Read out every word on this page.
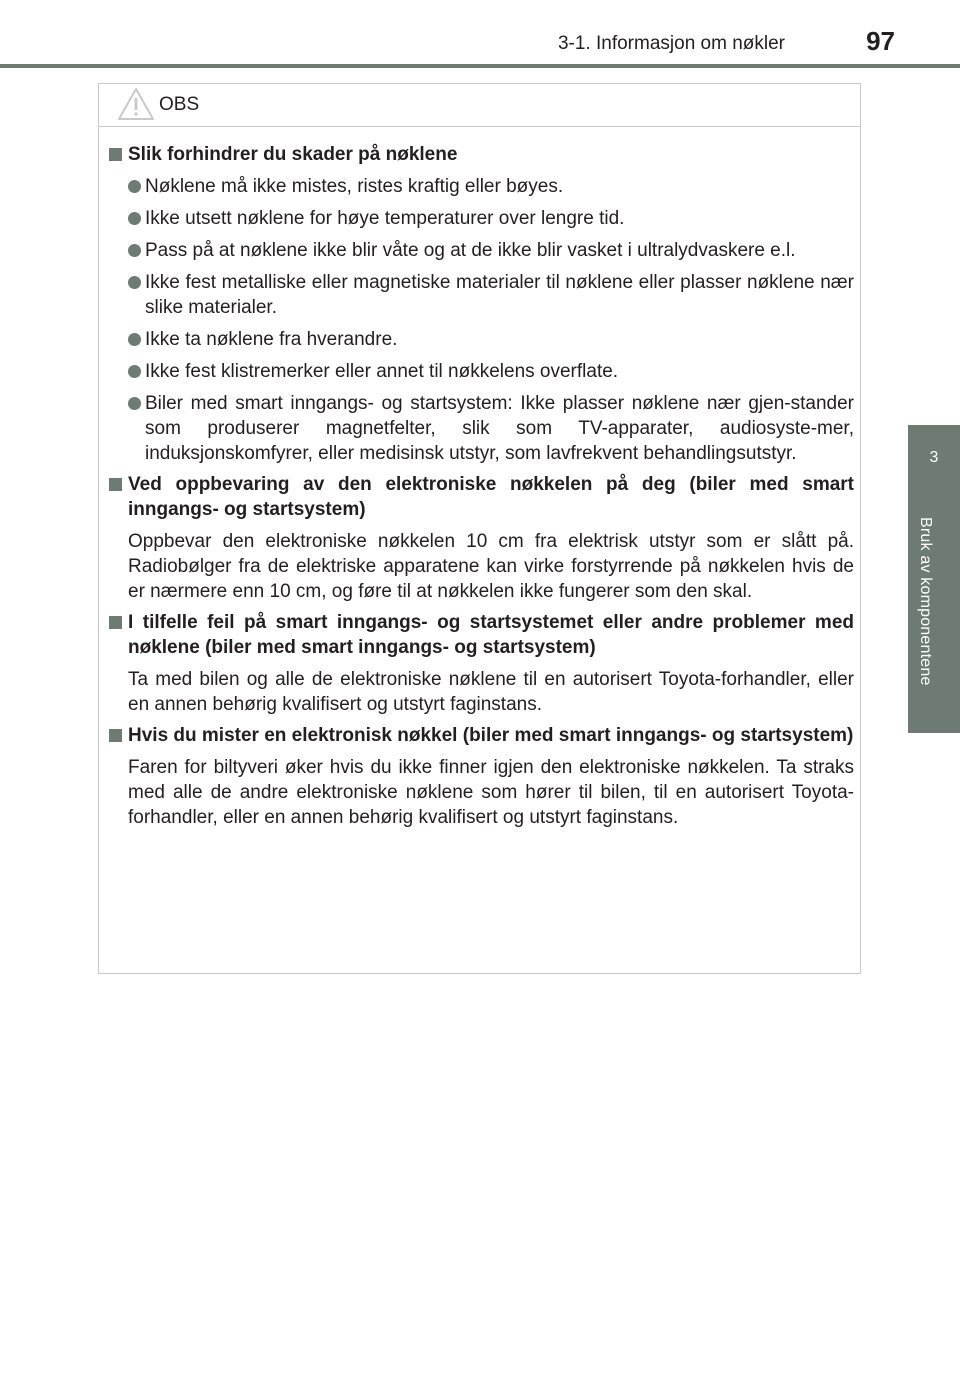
3-1. Informasjon om nøkler	97
3
Bruk av komponentene
OBS
Slik forhindrer du skader på nøklene
Nøklene må ikke mistes, ristes kraftig eller bøyes.
Ikke utsett nøklene for høye temperaturer over lengre tid.
Pass på at nøklene ikke blir våte og at de ikke blir vasket i ultralydvaskere e.l.
Ikke fest metalliske eller magnetiske materialer til nøklene eller plasser nøklene nær slike materialer.
Ikke ta nøklene fra hverandre.
Ikke fest klistremerker eller annet til nøkkelens overflate.
Biler med smart inngangs- og startsystem: Ikke plasser nøklene nær gjen-stander som produserer magnetfelter, slik som TV-apparater, audiosyste-mer, induksjonskomfyrer, eller medisinsk utstyr, som lavfrekvent behandlingsutstyr.
Ved oppbevaring av den elektroniske nøkkelen på deg (biler med smart inngangs- og startsystem)
Oppbevar den elektroniske nøkkelen 10 cm fra elektrisk utstyr som er slått på. Radiobølger fra de elektriske apparatene kan virke forstyrrende på nøkkelen hvis de er nærmere enn 10 cm, og føre til at nøkkelen ikke fungerer som den skal.
I tilfelle feil på smart inngangs- og startsystemet eller andre problemer med nøklene (biler med smart inngangs- og startsystem)
Ta med bilen og alle de elektroniske nøklene til en autorisert Toyota-forhandler, eller en annen behørig kvalifisert og utstyrt faginstans.
Hvis du mister en elektronisk nøkkel (biler med smart inngangs- og startsystem)
Faren for biltyveri øker hvis du ikke finner igjen den elektroniske nøkkelen. Ta straks med alle de andre elektroniske nøklene som hører til bilen, til en autorisert Toyota-forhandler, eller en annen behørig kvalifisert og utstyrt faginstans.
